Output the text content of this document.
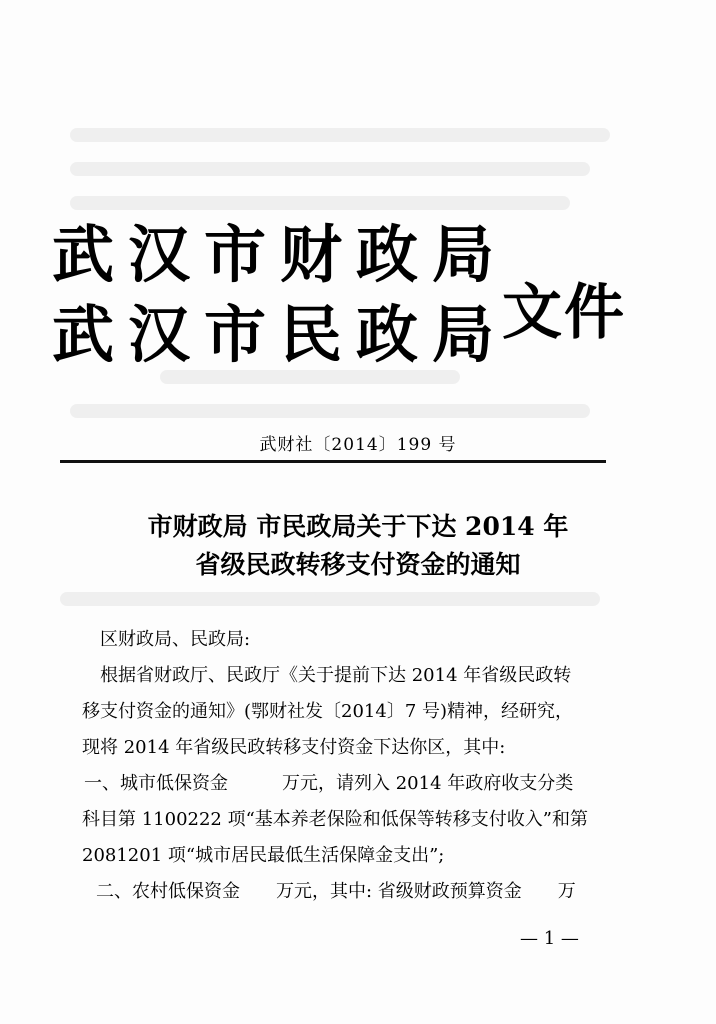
武汉市财政局
武汉市民政局
文件
武财社〔2014〕199 号
市财政局 市民政局关于下达 2014 年
省级民政转移支付资金的通知

区财政局、民政局:

根据省财政厅、民政厅《关于提前下达 2014 年省级民政转

移支付资金的通知》(鄂财社发〔2014〕7 号)精神，经研究，

现将 2014 年省级民政转移支付资金下达你区，其中:

一、城市低保资金　　　万元，请列入 2014 年政府收支分类

科目第 1100222 项“基本养老保险和低保等转移支付收入”和第

2081201 项“城市居民最低生活保障金支出”;

二、农村低保资金　　万元，其中: 省级财政预算资金　　万

— 1 —
